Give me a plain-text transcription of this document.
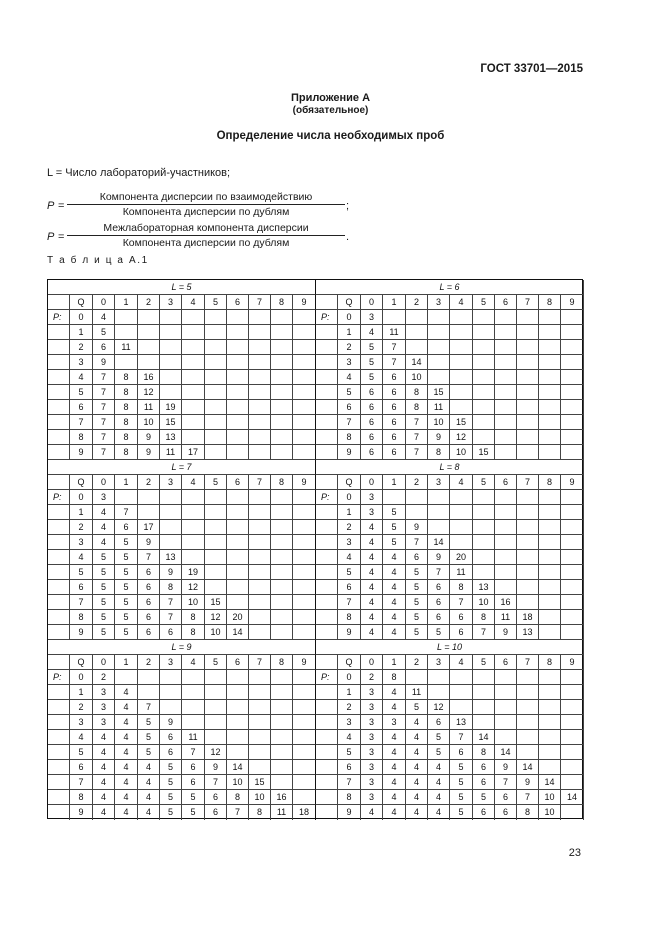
ГОСТ 33701—2015
Приложение А
(обязательное)
Определение числа необходимых проб
L = Число лабораторий-участников;
P =
Компонента дисперсии по взаимодействию
Компонента дисперсии по дублям	;
P =
Межлабораторная компонента дисперсии
Компонента дисперсии по дублям	.
Т а б л и ц а А.1
L = 5
Q	0	1	2	3	4	5	6	7	8	9
P:	0	4
1	5
2	6	11
3	9
4	7	8	16
5	7	8	12
6	7	8	11	19
7	7	8	10	15
8	7	8	9	13
9	7	8	9	11	17
L = 6
Q	0	1	2	3	4	5	6	7	8	9
P:	0	3
1	4	11
2	5	7
3	5	7	14
4	5	6	10
5	6	6	8	15
6	6	6	8	11
7	6	6	7	10	15
8	6	6	7	9	12
9	6	6	7	8	10	15
L = 7
Q	0	1	2	3	4	5	6	7	8	9
P:	0	3
1	4	7
2	4	6	17
3	4	5	9
4	5	5	7	13
5	5	5	6	9	19
6	5	5	6	8	12
7	5	5	6	7	10	15
8	5	5	6	7	8	12	20
9	5	5	6	6	8	10	14
L = 8
Q	0	1	2	3	4	5	6	7	8	9
P:	0	3
1	3	5
2	4	5	9
3	4	5	7	14
4	4	4	6	9	20
5	4	4	5	7	11
6	4	4	5	6	8	13
7	4	4	5	6	7	10	16
8	4	4	5	6	6	8	11	18
9	4	4	5	5	6	7	9	13
L = 9
Q	0	1	2	3	4	5	6	7	8	9
P:	0	2
1	3	4
2	3	4	7
3	3	4	5	9
4	4	4	5	6	11
5	4	4	5	6	7	12
6	4	4	4	5	6	9	14
7	4	4	4	5	6	7	10	15
8	4	4	4	5	5	6	8	10	16
9	4	4	4	5	5	6	7	8	11	18
L = 10
Q	0	1	2	3	4	5	6	7	8	9
P:	0	2	8
1	3	4	11
2	3	4	5	12
3	3	3	4	6	13
4	3	4	4	5	7	14
5	3	4	4	5	6	8	14
6	3	4	4	4	5	6	9	14
7	3	4	4	4	5	6	7	9	14
8	3	4	4	4	5	5	6	7	10	14
9	4	4	4	4	5	6	6	8	10
23
